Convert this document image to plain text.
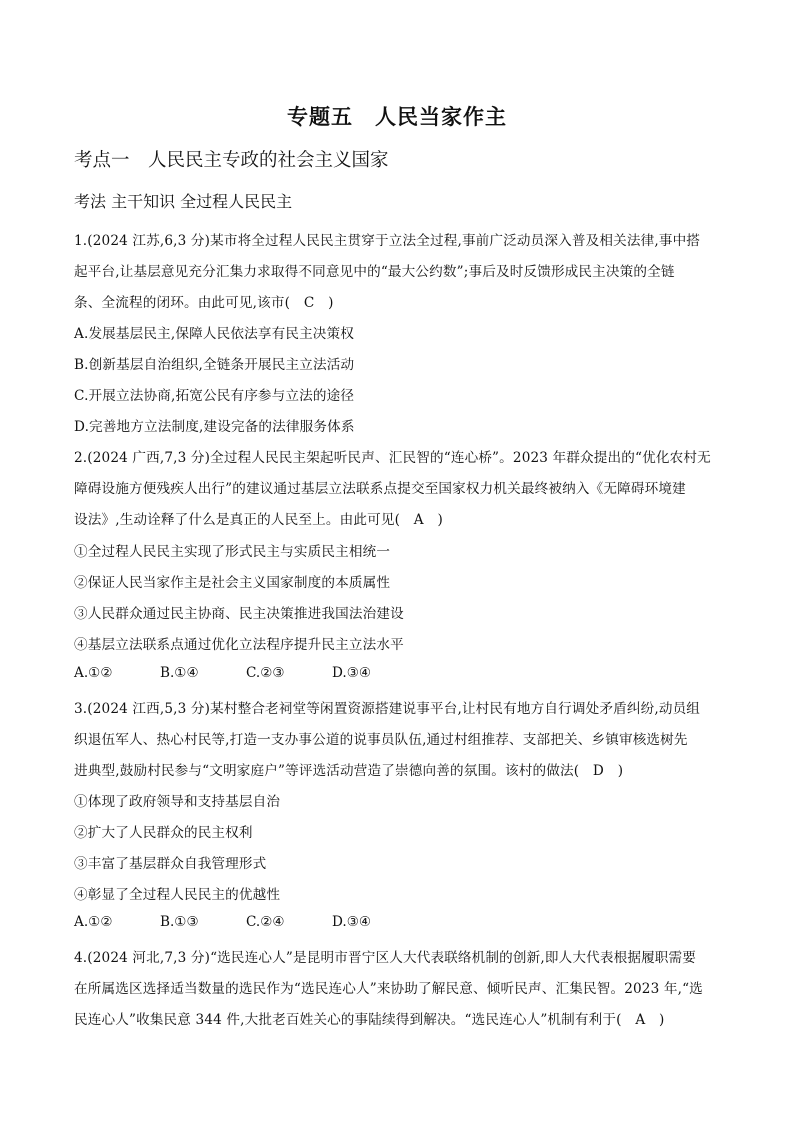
专题五　人民当家作主
考点一　人民民主专政的社会主义国家
考法 主干知识 全过程人民民主
1.(2024 江苏,6,3 分)某市将全过程人民民主贯穿于立法全过程,事前广泛动员深入普及相关法律,事中搭
起平台,让基层意见充分汇集力求取得不同意见中的“最大公约数”;事后及时反馈形成民主决策的全链
条、全流程的闭环。由此可见,该市(　C　)
A.发展基层民主,保障人民依法享有民主决策权
B.创新基层自治组织,全链条开展民主立法活动
C.开展立法协商,拓宽公民有序参与立法的途径
D.完善地方立法制度,建设完备的法律服务体系
2.(2024 广西,7,3 分)全过程人民民主架起听民声、汇民智的“连心桥”。2023 年群众提出的“优化农村无
障碍设施方便残疾人出行”的建议通过基层立法联系点提交至国家权力机关最终被纳入《无障碍环境建
设法》,生动诠释了什么是真正的人民至上。由此可见(　A　)
①全过程人民民主实现了形式民主与实质民主相统一
②保证人民当家作主是社会主义国家制度的本质属性
③人民群众通过民主协商、民主决策推进我国法治建设
④基层立法联系点通过优化立法程序提升民主立法水平
A.①②	B.①④	C.②③	D.③④
3.(2024 江西,5,3 分)某村整合老祠堂等闲置资源搭建说事平台,让村民有地方自行调处矛盾纠纷,动员组
织退伍军人、热心村民等,打造一支办事公道的说事员队伍,通过村组推荐、支部把关、乡镇审核选树先
进典型,鼓励村民参与“文明家庭户”等评选活动营造了崇德向善的氛围。该村的做法(　D　)
①体现了政府领导和支持基层自治
②扩大了人民群众的民主权利
③丰富了基层群众自我管理形式
④彰显了全过程人民民主的优越性
A.①②	B.①③	C.②④	D.③④
4.(2024 河北,7,3 分)“选民连心人”是昆明市晋宁区人大代表联络机制的创新,即人大代表根据履职需要
在所属选区选择适当数量的选民作为“选民连心人”来协助了解民意、倾听民声、汇集民智。2023 年,“选
民连心人”收集民意 344 件,大批老百姓关心的事陆续得到解决。“选民连心人”机制有利于(　A　)
